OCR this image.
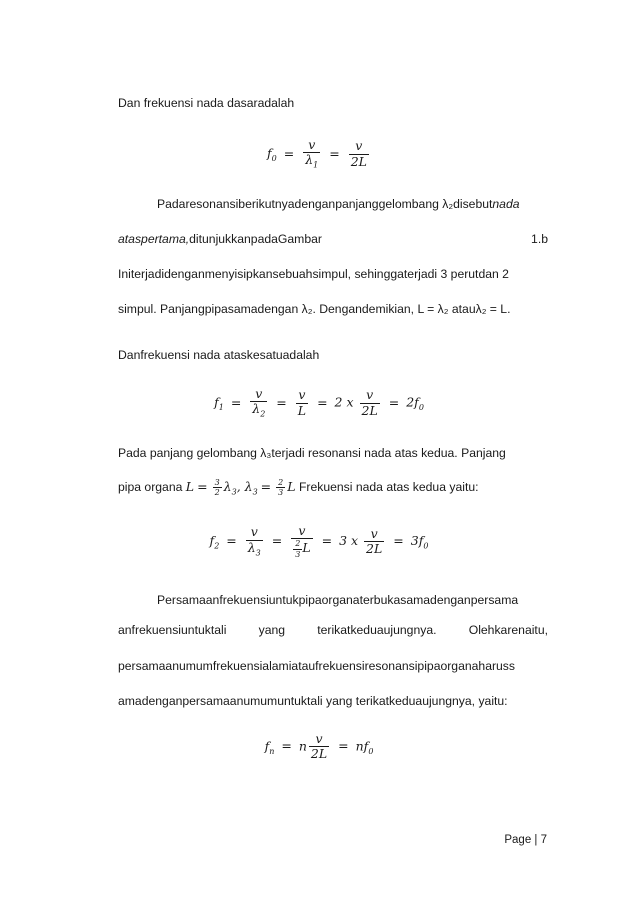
Dan frekuensi nada dasaradalah
$f_0 = \frac{v}{\lambda_1} = \frac{v}{2L}$
Padaresonansiberikutnyadenganpanjanggelombang λ₂disebutnada
ataspertama,ditunjukkanpadaGambar	1.b
Initerjadidenganmenyisipkansebuahsimpul, sehinggaterjadi 3 perutdan 2
simpul. Panjangpipasamadengan λ₂. Dengandemikian, L = λ₂ atauλ₂ = L.
Danfrekuensi nada ataskesatuadalah
$f_1 = \frac{v}{\lambda_2} = \frac{v}{L} = 2$ x $\frac{v}{2L} = 2f_0$
Pada panjang gelombang λ₃terjadi resonansi nada atas kedua. Panjang
pipa organa $L = \frac{3}{2} \lambda_3$, $\lambda_3 = \frac{2}{3}$ L Frekuensi nada atas kedua yaitu:
$f_2 = \frac{v}{\lambda_3} = \frac{v}{\frac{2}{3} L} = 3$ x $\frac{v}{2L} = 3f_0$
Persamaanfrekuensiuntukpipaorganaterbukasamadenganpersama
anfrekuensiuntuktali	yang	terikatkeduaujungnya.	Olehkarenaitu,
persamaanumumfrekuensialamiataufrekuensiresonansipipaorganaharuss
amadenganpersamaanumumuntuktali yang terikatkeduaujungnya, yaitu:
$f_n = n \frac{v}{2L} = nf_0$
Page | 7
